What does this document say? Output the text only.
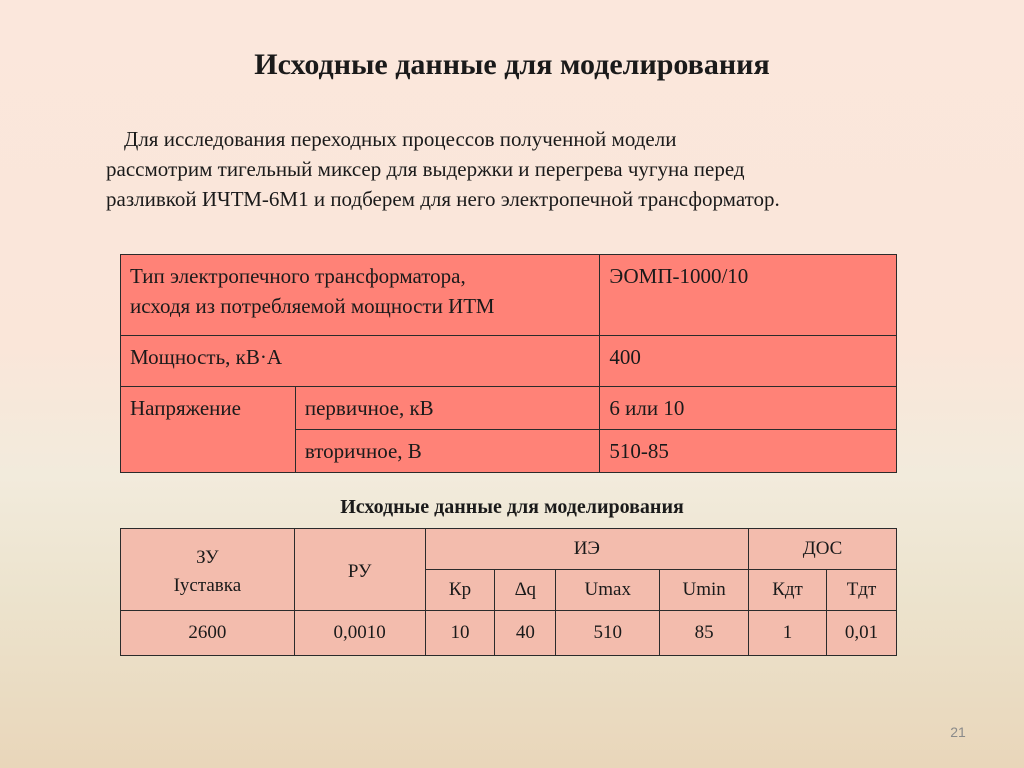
Исходные данные для моделирования

Для исследования переходных процессов полученной модели
рассмотрим тигельный миксер для выдержки и перегрева чугуна перед
разливкой ИЧТМ-6М1 и подберем для него электропечной трансформатор.

Тип электропечного трансформатора,
исходя из потребляемой мощности ИТМ		ЭОМП-1000/10
Мощность, кВ·А		400
Напряжение	первичное, кВ	6 или 10
	вторичное, В	510-85

Исходные данные для моделирования

ЗУ
Iуставка	РУ	ИЭ				ДОС	
		Кр	∆q	Umax	Umin	Кдт	Tдт
2600	0,0010	10	40	510	85	1	0,01
21
